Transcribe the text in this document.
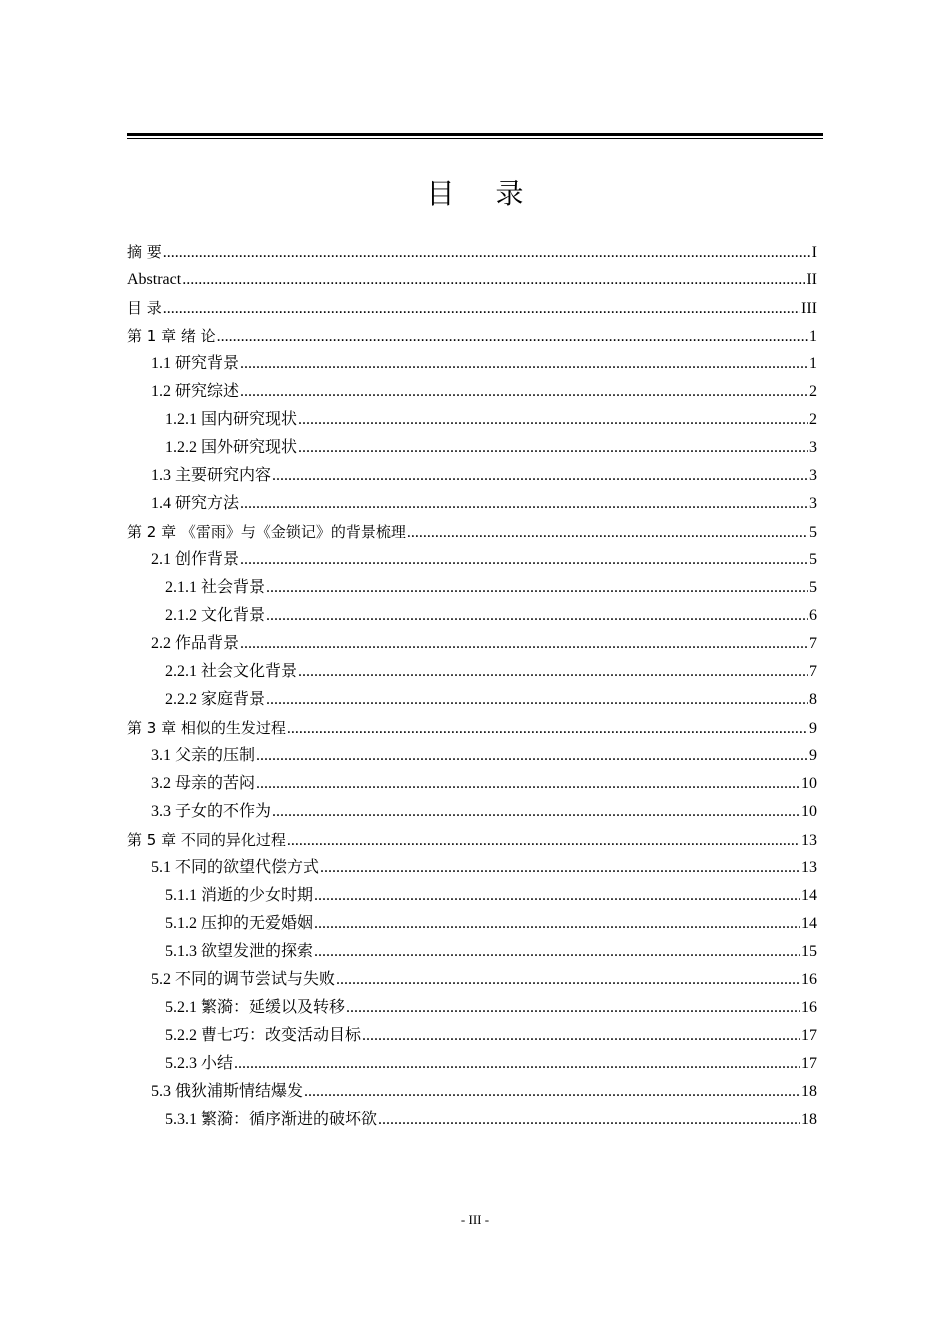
目 录
摘 要 .....	I
Abstract .....	II
目 录 .....	III
第 1 章 绪 论 .....	1
1.1 研究背景 .....	1
1.2 研究综述 .....	2
1.2.1 国内研究现状 .....	2
1.2.2 国外研究现状 .....	3
1.3 主要研究内容 .....	3
1.4 研究方法 .....	3
第 2 章 《雷雨》与《金锁记》的背景梳理 .....	5
2.1 创作背景 .....	5
2.1.1 社会背景 .....	5
2.1.2 文化背景 .....	6
2.2 作品背景 .....	7
2.2.1 社会文化背景 .....	7
2.2.2 家庭背景 .....	8
第 3 章 相似的生发过程 .....	9
3.1 父亲的压制 .....	9
3.2 母亲的苦闷 .....	10
3.3 子女的不作为 .....	10
第 5 章 不同的异化过程 .....	13
5.1 不同的欲望代偿方式 .....	13
5.1.1 消逝的少女时期 .....	14
5.1.2 压抑的无爱婚姻 .....	14
5.1.3 欲望发泄的探索 .....	15
5.2 不同的调节尝试与失败 .....	16
5.2.1 繁漪：延缓以及转移 .....	16
5.2.2 曹七巧：改变活动目标 .....	17
5.2.3 小结 .....	17
5.3 俄狄浦斯情结爆发 .....	18
5.3.1 繁漪：循序渐进的破坏欲 .....	18
- III -
